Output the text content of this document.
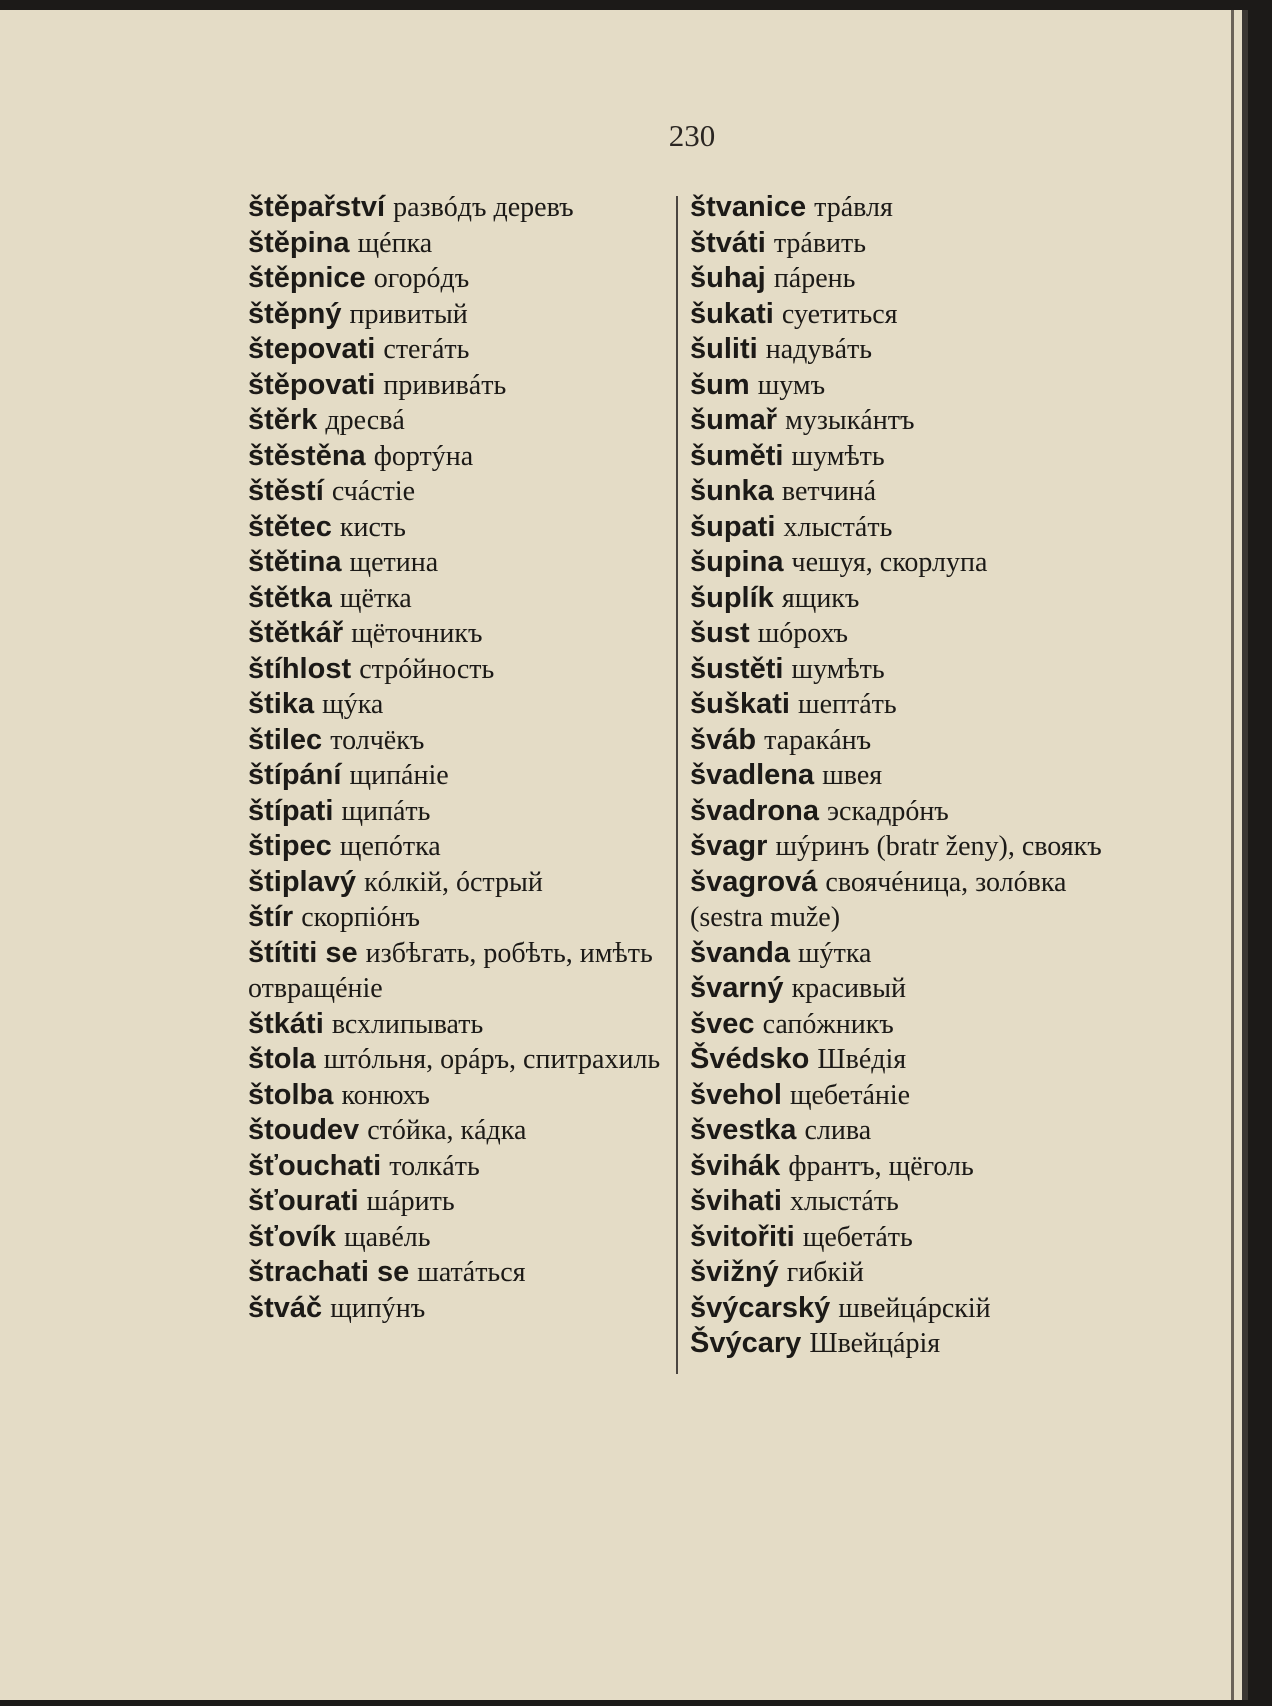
230
štěpařství развóдъ деревъ
štěpina щéпка
štěpnice огорóдъ
štěpný привитый
štepovati стегáть
štěpovati прививáть
štěrk дресвá
štěstěna фортýна
štěstí счáстіе
štětec кисть
štětina щетина
štětka щётка
štětkář щёточникъ
štíhlost стрóйность
štika щýка
štilec толчёкъ
štípání щипáніе
štípati щипáть
štipec щепóтка
štiplavý кóлкій, óстрый
štír скорпіóнъ
štítiti se избѣгать, робѣть, имѣть отвращéніе
štkáti всхлипывать
štola штóльня, орáръ, спитрахиль
štolba конюхъ
štoudev стóйка, кáдка
šťouchati толкáть
šťourati шáрить
šťovík щавéль
štrachati se шатáться
štváč щипýнъ
štvanice трáвля
štváti трáвить
šuhaj пáрень
šukati суетиться
šuliti надувáть
šum шумъ
šumař музыкáнтъ
šuměti шумѣть
šunka ветчинá
šupati хлыстáть
šupina чешуя, скорлупа
šuplík ящикъ
šust шóрохъ
šustěti шумѣть
šuškati шептáть
šváb таракáнъ
švadlena швея
švadrona эскадрóнъ
švagr шýринъ (bratr ženy), своякъ
švagrová своячéница, золóвка (sestra muže)
švanda шýтка
švarný красивый
švec сапóжникъ
Švédsko Швéдія
švehol щебетáніе
švestka слива
švihák франтъ, щёголь
švihati хлыстáть
švitořiti щебетáть
švižný гибкій
švýcarský швейцáрскій
Švýcary Швейцáрія
